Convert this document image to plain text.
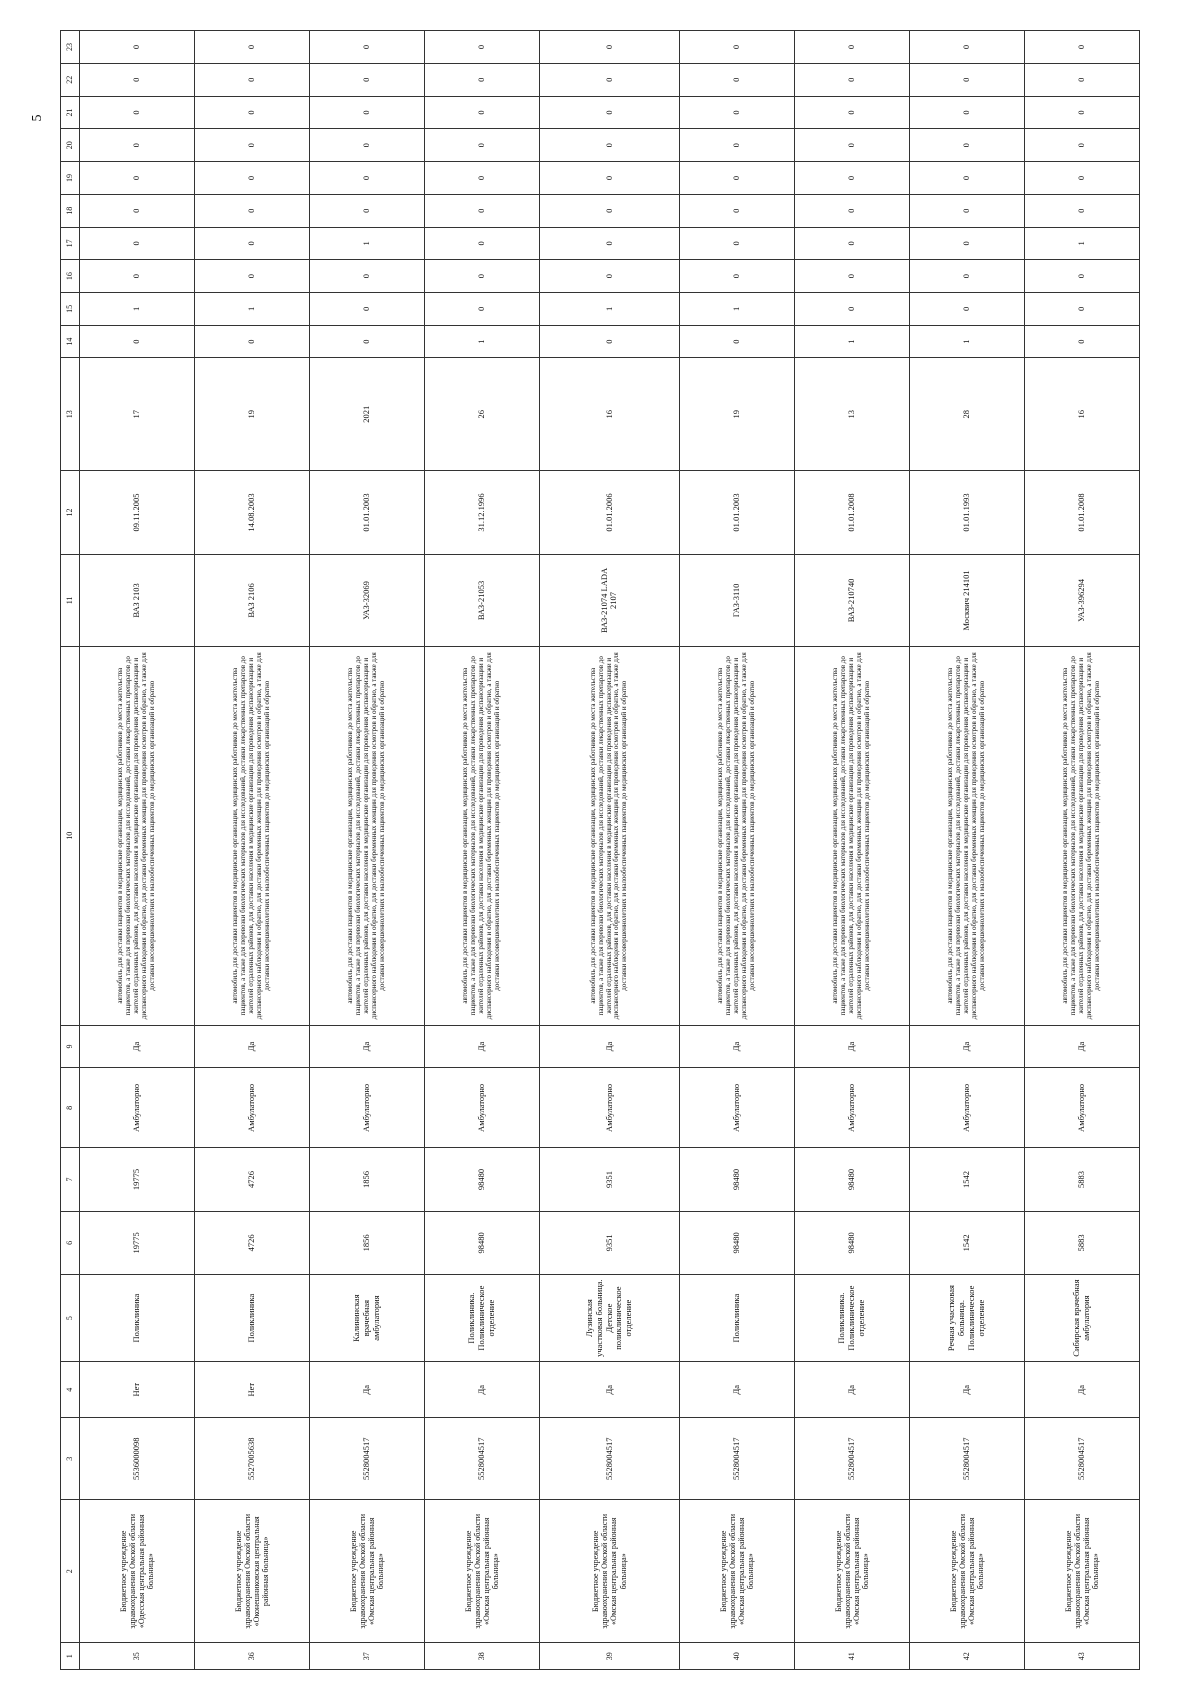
5
1	2	3	4	5	6	7	8	9	10	11	12	13	14	15	16	17	18	19	20	21	22	23
35	Бюджетное учреждение здравоохранения Омской области «Одесская центральная районная больница»	5536000098	Нет	Поликлиника	19775	19775	Амбулаторно	Да	автомобиль для доставки пациентов в медицинские организации, медицинских работников до места жительства пациентов, а также для перевозки биологических материалов для исследований, доставки лекарственных препаратов до жителей отдаленных районов, для доставки населения в медицинские организации для проведения диспансеризации и диспансерного наблюдения и обратно, для доставки беременных женщин для проведения осмотров и обратно, а также для доставки несовершеннолетних и малообеспеченных пациентов до медицинских организаций и обратно	ВАЗ 2103	09.11.2005	17	0	1	0	0	0	0	0	0	0	0
36	Бюджетное учреждение здравоохранения Омской области «Оконешниковская центральная районная больница»	5527005638	Нет	Поликлиника	4726	4726	Амбулаторно	Да	автомобиль для доставки пациентов в медицинские организации, медицинских работников до места жительства пациентов, а также для перевозки биологических материалов для исследований, доставки лекарственных препаратов до жителей отдаленных районов, для доставки населения в медицинские организации для проведения диспансеризации и диспансерного наблюдения и обратно, для доставки беременных женщин для проведения осмотров и обратно, а также для доставки несовершеннолетних и малообеспеченных пациентов до медицинских организаций и обратно	ВАЗ 2106	14.08.2003	19	0	1	0	0	0	0	0	0	0	0
37	Бюджетное учреждение здравоохранения Омской области «Омская центральная районная больница»	5528004517	Да	Калининская врачебная амбулатория	1856	1856	Амбулаторно	Да	автомобиль для доставки пациентов в медицинские организации, медицинских работников до места жительства пациентов, а также для перевозки биологических материалов для исследований, доставки лекарственных препаратов до жителей отдаленных районов, для доставки населения в медицинские организации для проведения диспансеризации и диспансерного наблюдения и обратно, для доставки беременных женщин для проведения осмотров и обратно, а также для доставки несовершеннолетних и малообеспеченных пациентов до медицинских организаций и обратно	УАЗ-32069	01.01.2003	2021	0	0	0	1	0	0	0	0	0	0
38	Бюджетное учреждение здравоохранения Омской области «Омская центральная районная больница»	5528004517	Да	Поликлиника. Поликлиническое отделение	98480	98480	Амбулаторно	Да	автомобиль для доставки пациентов в медицинские организации, медицинских работников до места жительства пациентов, а также для перевозки биологических материалов для исследований, доставки лекарственных препаратов до жителей отдаленных районов, для доставки населения в медицинские организации для проведения диспансеризации и диспансерного наблюдения и обратно, для доставки беременных женщин для проведения осмотров и обратно, а также для доставки несовершеннолетних и малообеспеченных пациентов до медицинских организаций и обратно	ВАЗ-21053	31.12.1996	26	1	0	0	0	0	0	0	0	0	0
39	Бюджетное учреждение здравоохранения Омской области «Омская центральная районная больница»	5528004517	Да	Лузинская участковая больница. Детское поликлиническое отделение	9351	9351	Амбулаторно	Да	автомобиль для доставки пациентов в медицинские организации, медицинских работников до места жительства пациентов, а также для перевозки биологических материалов для исследований, доставки лекарственных препаратов до жителей отдаленных районов, для доставки населения в медицинские организации для проведения диспансеризации и диспансерного наблюдения и обратно, для доставки беременных женщин для проведения осмотров и обратно, а также для доставки несовершеннолетних и малообеспеченных пациентов до медицинских организаций и обратно	ВАЗ-21074 LADA 2107	01.01.2006	16	0	1	0	0	0	0	0	0	0	0
40	Бюджетное учреждение здравоохранения Омской области «Омская центральная районная больница»	5528004517	Да	Поликлиника	98480	98480	Амбулаторно	Да	автомобиль для доставки пациентов в медицинские организации, медицинских работников до места жительства пациентов, а также для перевозки биологических материалов для исследований, доставки лекарственных препаратов до жителей отдаленных районов, для доставки населения в медицинские организации для проведения диспансеризации и диспансерного наблюдения и обратно, для доставки беременных женщин для проведения осмотров и обратно, а также для доставки несовершеннолетних и малообеспеченных пациентов до медицинских организаций и обратно	ГАЗ-3110	01.01.2003	19	0	1	0	0	0	0	0	0	0	0
41	Бюджетное учреждение здравоохранения Омской области «Омская центральная районная больница»	5528004517	Да	Поликлиника. Поликлиническое отделение	98480	98480	Амбулаторно	Да	автомобиль для доставки пациентов в медицинские организации, медицинских работников до места жительства пациентов, а также для перевозки биологических материалов для исследований, доставки лекарственных препаратов до жителей отдаленных районов, для доставки населения в медицинские организации для проведения диспансеризации и диспансерного наблюдения и обратно, для доставки беременных женщин для проведения осмотров и обратно, а также для доставки несовершеннолетних и малообеспеченных пациентов до медицинских организаций и обратно	ВАЗ-210740	01.01.2008	13	1	0	0	0	0	0	0	0	0	0
42	Бюджетное учреждение здравоохранения Омской области «Омская центральная районная больница»	5528004517	Да	Речная участковая больница. Поликлиническое отделение	1542	1542	Амбулаторно	Да	автомобиль для доставки пациентов в медицинские организации, медицинских работников до места жительства пациентов, а также для перевозки биологических материалов для исследований, доставки лекарственных препаратов до жителей отдаленных районов, для доставки населения в медицинские организации для проведения диспансеризации и диспансерного наблюдения и обратно, для доставки беременных женщин для проведения осмотров и обратно, а также для доставки несовершеннолетних и малообеспеченных пациентов до медицинских организаций и обратно	Москвич 214101	01.01.1993	28	1	0	0	0	0	0	0	0	0	0
43	Бюджетное учреждение здравоохранения Омской области «Омская центральная районная больница»	5528004517	Да	Сибирская врачебная амбулатория	5883	5883	Амбулаторно	Да	автомобиль для доставки пациентов в медицинские организации, медицинских работников до места жительства пациентов, а также для перевозки биологических материалов для исследований, доставки лекарственных препаратов до жителей отдаленных районов, для доставки населения в медицинские организации для проведения диспансеризации и диспансерного наблюдения и обратно, для доставки беременных женщин для проведения осмотров и обратно, а также для доставки несовершеннолетних и малообеспеченных пациентов до медицинских организаций и обратно	УАЗ-396294	01.01.2008	16	0	0	0	1	0	0	0	0	0	0
